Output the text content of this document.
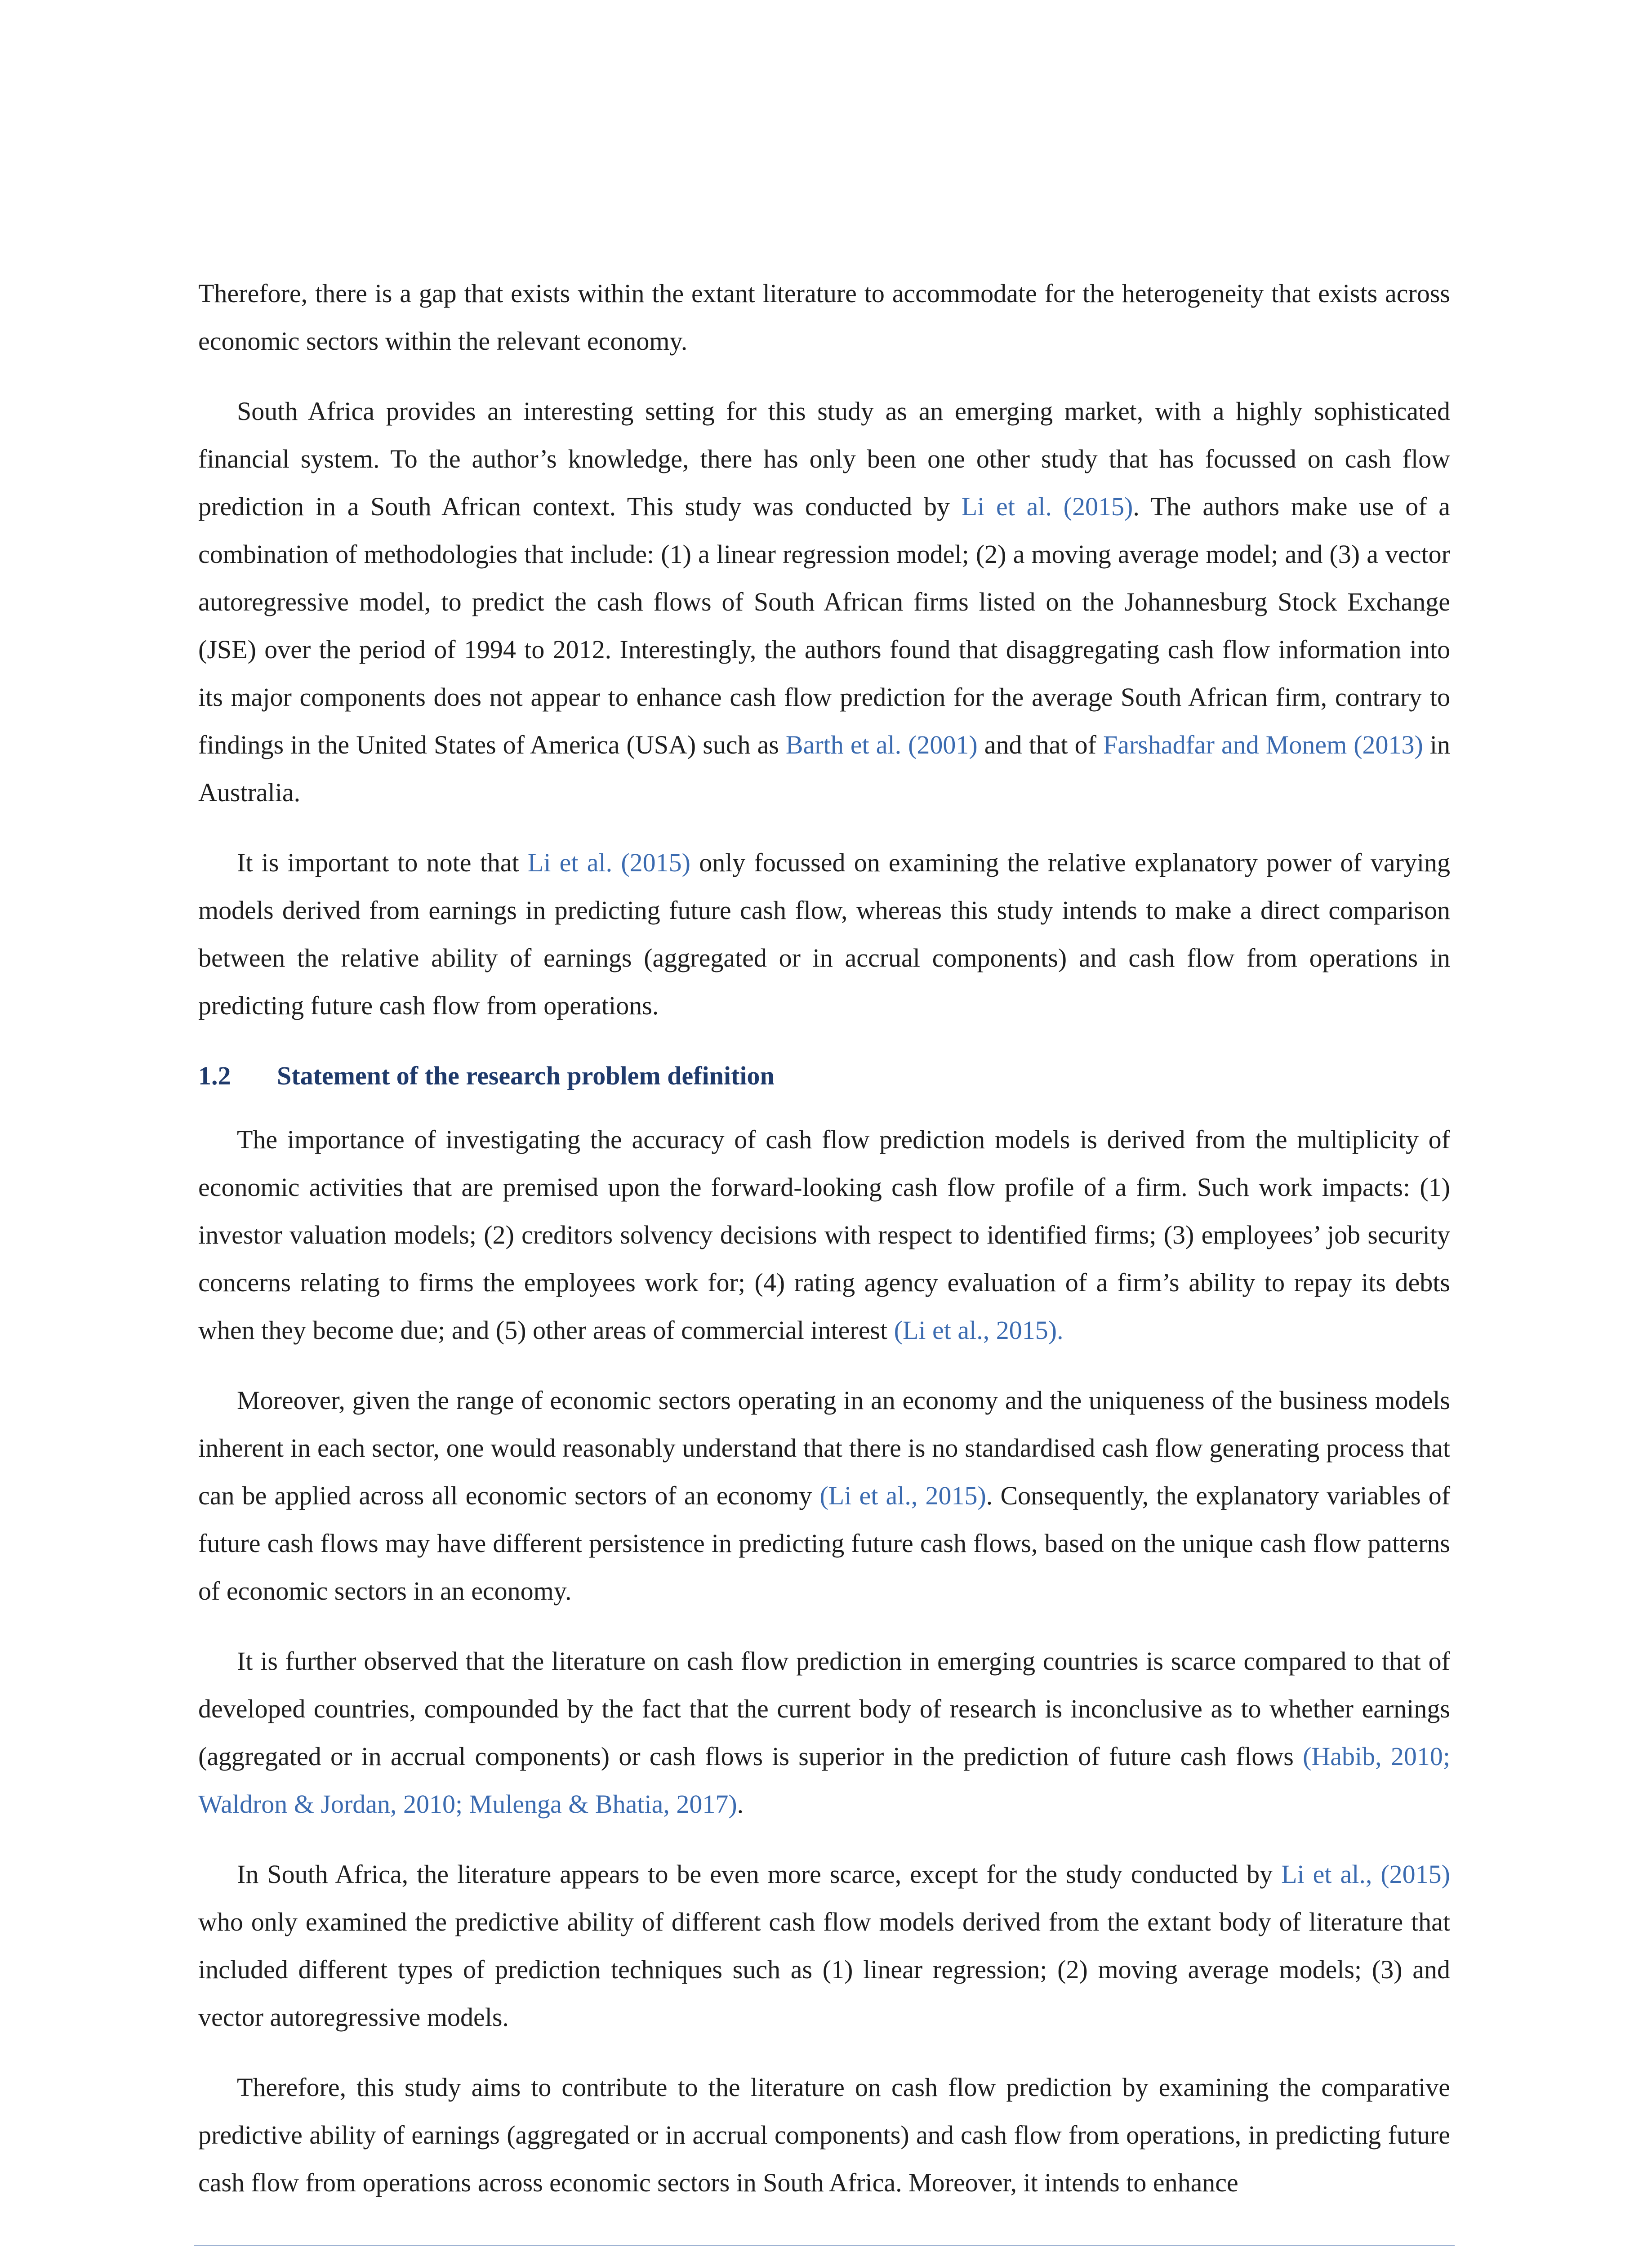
Therefore, there is a gap that exists within the extant literature to accommodate for the heterogeneity that exists across economic sectors within the relevant economy.

South Africa provides an interesting setting for this study as an emerging market, with a highly sophisticated financial system. To the author’s knowledge, there has only been one other study that has focussed on cash flow prediction in a South African context. This study was conducted by Li et al. (2015). The authors make use of a combination of methodologies that include: (1) a linear regression model; (2) a moving average model; and (3) a vector autoregressive model, to predict the cash flows of South African firms listed on the Johannesburg Stock Exchange (JSE) over the period of 1994 to 2012. Interestingly, the authors found that disaggregating cash flow information into its major components does not appear to enhance cash flow prediction for the average South African firm, contrary to findings in the United States of America (USA) such as Barth et al. (2001) and that of Farshadfar and Monem (2013) in Australia.

It is important to note that Li et al. (2015) only focussed on examining the relative explanatory power of varying models derived from earnings in predicting future cash flow, whereas this study intends to make a direct comparison between the relative ability of earnings (aggregated or in accrual components) and cash flow from operations in predicting future cash flow from operations.

1.2	Statement of the research problem definition

The importance of investigating the accuracy of cash flow prediction models is derived from the multiplicity of economic activities that are premised upon the forward-looking cash flow profile of a firm. Such work impacts: (1) investor valuation models; (2) creditors solvency decisions with respect to identified firms; (3) employees’ job security concerns relating to firms the employees work for; (4) rating agency evaluation of a firm’s ability to repay its debts when they become due; and (5) other areas of commercial interest (Li et al., 2015).

Moreover, given the range of economic sectors operating in an economy and the uniqueness of the business models inherent in each sector, one would reasonably understand that there is no standardised cash flow generating process that can be applied across all economic sectors of an economy (Li et al., 2015). Consequently, the explanatory variables of future cash flows may have different persistence in predicting future cash flows, based on the unique cash flow patterns of economic sectors in an economy.

It is further observed that the literature on cash flow prediction in emerging countries is scarce compared to that of developed countries, compounded by the fact that the current body of research is inconclusive as to whether earnings (aggregated or in accrual components) or cash flows is superior in the prediction of future cash flows (Habib, 2010; Waldron & Jordan, 2010; Mulenga & Bhatia, 2017).

In South Africa, the literature appears to be even more scarce, except for the study conducted by Li et al., (2015) who only examined the predictive ability of different cash flow models derived from the extant body of literature that included different types of prediction techniques such as (1) linear regression; (2) moving average models; (3) and vector autoregressive models.

Therefore, this study aims to contribute to the literature on cash flow prediction by examining the comparative predictive ability of earnings (aggregated or in accrual components) and cash flow from operations, in predicting future cash flow from operations across economic sectors in South Africa. Moreover, it intends to enhance
